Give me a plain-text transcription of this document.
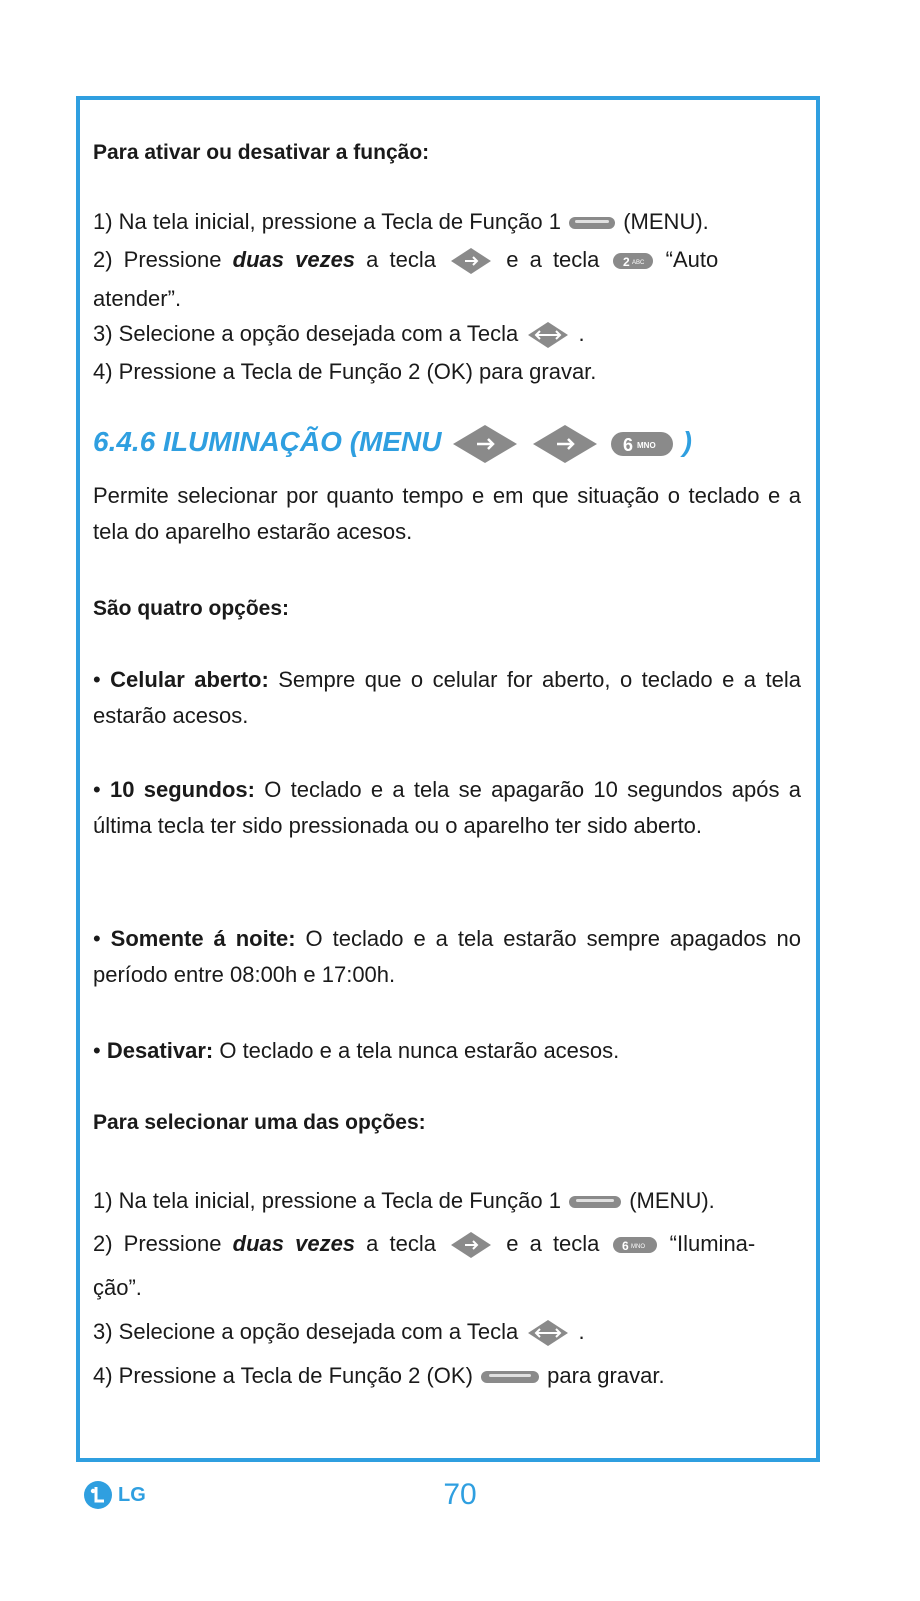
Para ativar ou desativar a função:
1) Na tela inicial, pressione a Tecla de Função 1	(MENU).
2) Pressione duas vezes a tecla	e a tecla 2 ABC “Auto
atender”.
3) Selecione a opção desejada com a Tecla	.
4) Pressione a Tecla de Função 2 (OK) para gravar.
6.4.6 ILUMINAÇÃO (MENU	6 MNO )
Permite selecionar por quanto tempo e em que situação o teclado e a tela do aparelho estarão acesos.
São quatro opções:
• Celular aberto: Sempre que o celular for aberto, o teclado e a tela estarão acesos.
• 10 segundos: O teclado e a tela se apagarão 10 segundos após a última tecla ter sido pressionada ou o aparelho ter sido aberto.
• Somente á noite: O teclado e a tela estarão sempre apagados no período entre 08:00h e 17:00h.
• Desativar: O teclado e a tela nunca estarão acesos.
Para selecionar uma das opções:
1) Na tela inicial, pressione a Tecla de Função 1	(MENU).
2) Pressione duas vezes a tecla	e a tecla 6 MNO “Ilumina-
ção”.
3) Selecione a opção desejada com a Tecla	.
4) Pressione a Tecla de Função 2 (OK)	para gravar.
LG	70
